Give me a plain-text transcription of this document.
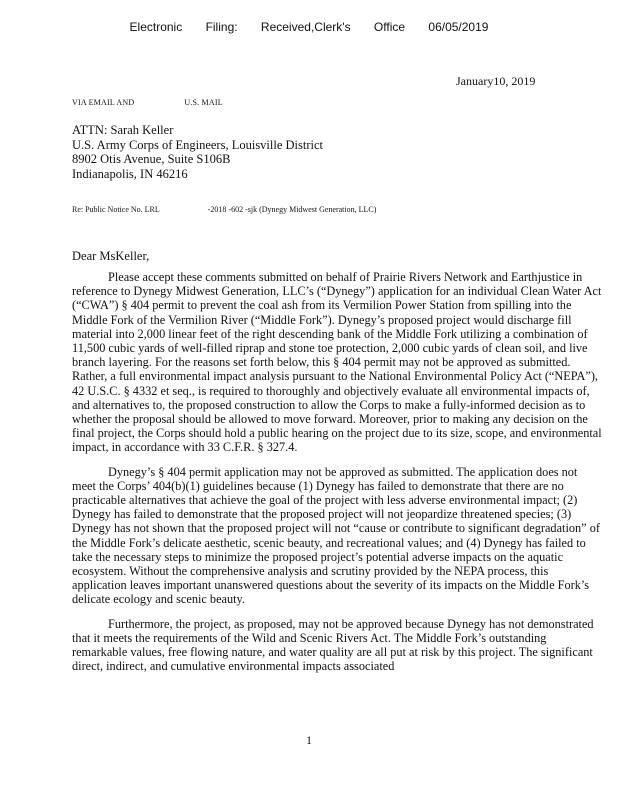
Electronic Filing: Received,Clerk's Office 06/05/2019
January10, 2019
VIA EMAIL AND	U.S. MAIL
ATTN: Sarah Keller
U.S. Army Corps of Engineers, Louisville District
8902 Otis Avenue, Suite S106B
Indianapolis, IN 46216
Re: Public Notice No. LRL	-2018 -602 -sjk (Dynegy Midwest Generation, LLC)
Dear MsKeller,

Please accept these comments submitted on behalf of Prairie Rivers Network and Earthjustice in reference to Dynegy Midwest Generation, LLC’s (“Dynegy”) application for an individual Clean Water Act (“CWA”) § 404 permit to prevent the coal ash from its Vermilion Power Station from spilling into the Middle Fork of the Vermilion River (“Middle Fork”). Dynegy’s proposed project would discharge fill material into 2,000 linear feet of the right descending bank of the Middle Fork utilizing a combination of 11,500 cubic yards of well-filled riprap and stone toe protection, 2,000 cubic yards of clean soil, and live branch layering. For the reasons set forth below, this § 404 permit may not be approved as submitted. Rather, a full environmental impact analysis pursuant to the National Environmental Policy Act (“NEPA”), 42 U.S.C. § 4332 et seq., is required to thoroughly and objectively evaluate all environmental impacts of, and alternatives to, the proposed construction to allow the Corps to make a fully-informed decision as to whether the proposal should be allowed to move forward. Moreover, prior to making any decision on the final project, the Corps should hold a public hearing on the project due to its size, scope, and environmental impact, in accordance with 33 C.F.R. § 327.4.

Dynegy’s § 404 permit application may not be approved as submitted. The application does not meet the Corps’ 404(b)(1) guidelines because (1) Dynegy has failed to demonstrate that there are no practicable alternatives that achieve the goal of the project with less adverse environmental impact; (2) Dynegy has failed to demonstrate that the proposed project will not jeopardize threatened species; (3) Dynegy has not shown that the proposed project will not “cause or contribute to significant degradation” of the Middle Fork’s delicate aesthetic, scenic beauty, and recreational values; and (4) Dynegy has failed to take the necessary steps to minimize the proposed project’s potential adverse impacts on the aquatic ecosystem. Without the comprehensive analysis and scrutiny provided by the NEPA process, this application leaves important unanswered questions about the severity of its impacts on the Middle Fork’s delicate ecology and scenic beauty.

Furthermore, the project, as proposed, may not be approved because Dynegy has not demonstrated that it meets the requirements of the Wild and Scenic Rivers Act. The Middle Fork’s outstanding remarkable values, free flowing nature, and water quality are all put at risk by this project. The significant direct, indirect, and cumulative environmental impacts associated

1
